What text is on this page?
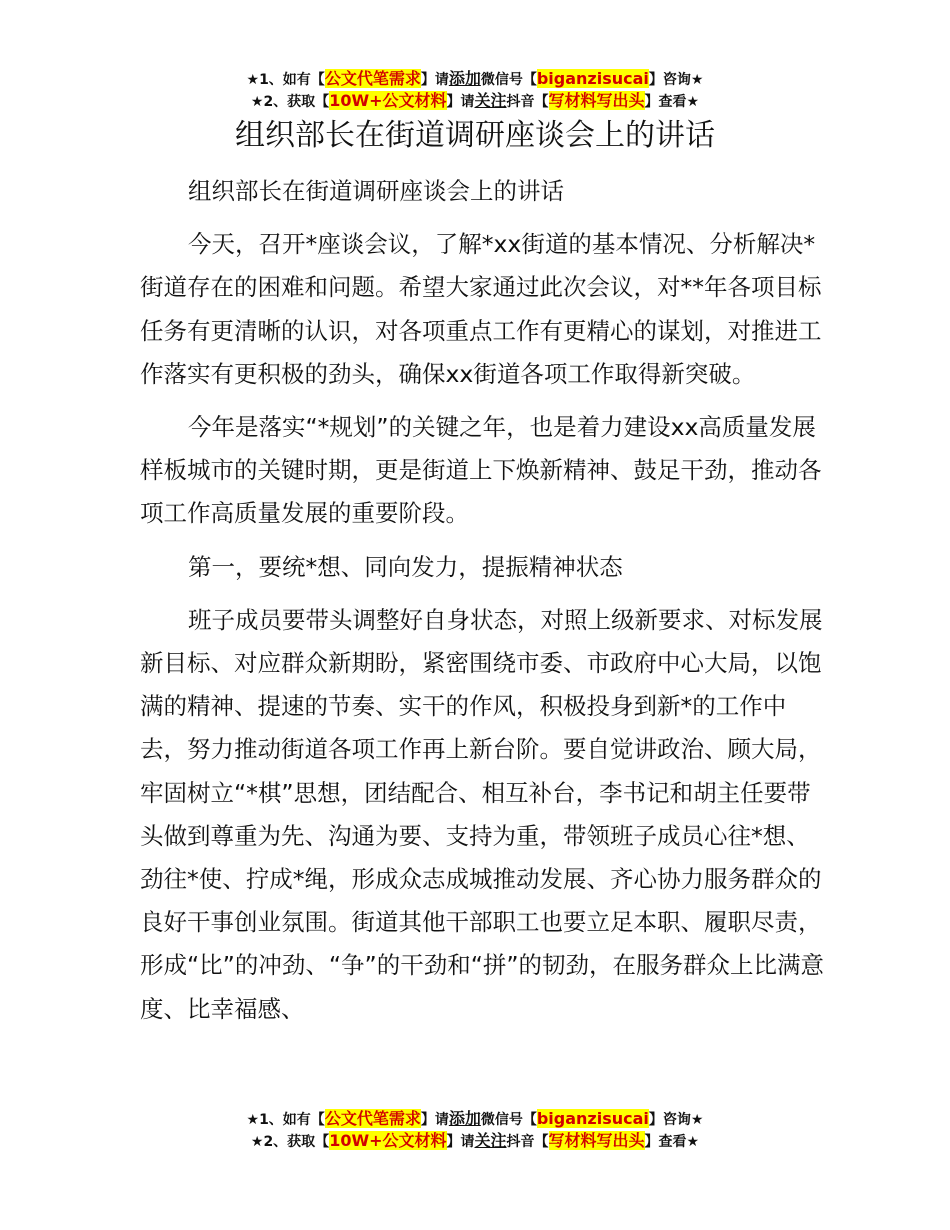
★1、如有【公文代笔需求】请添加微信号【biganzisucai】咨询★
★2、获取【10W+公文材料】请关注抖音【写材料写出头】查看★
组织部长在街道调研座谈会上的讲话

组织部长在街道调研座谈会上的讲话

今天，召开*座谈会议，了解*xx街道的基本情况、分析解决*街道存在的困难和问题。希望大家通过此次会议，对**年各项目标任务有更清晰的认识，对各项重点工作有更精心的谋划，对推进工作落实有更积极的劲头，确保xx街道各项工作取得新突破。

今年是落实“*规划”的关键之年，也是着力建设xx高质量发展样板城市的关键时期，更是街道上下焕新精神、鼓足干劲，推动各项工作高质量发展的重要阶段。

第一，要统*想、同向发力，提振精神状态

班子成员要带头调整好自身状态，对照上级新要求、对标发展新目标、对应群众新期盼，紧密围绕市委、市政府中心大局，以饱满的精神、提速的节奏、实干的作风，积极投身到新*的工作中去，努力推动街道各项工作再上新台阶。要自觉讲政治、顾大局，牢固树立“*棋”思想，团结配合、相互补台，李书记和胡主任要带头做到尊重为先、沟通为要、支持为重，带领班子成员心往*想、劲往*使、拧成*绳，形成众志成城推动发展、齐心协力服务群众的良好干事创业氛围。街道其他干部职工也要立足本职、履职尽责，形成“比”的冲劲、“争”的干劲和“拼”的韧劲，在服务群众上比满意度、比幸福感、

★1、如有【公文代笔需求】请添加微信号【biganzisucai】咨询★
★2、获取【10W+公文材料】请关注抖音【写材料写出头】查看★
